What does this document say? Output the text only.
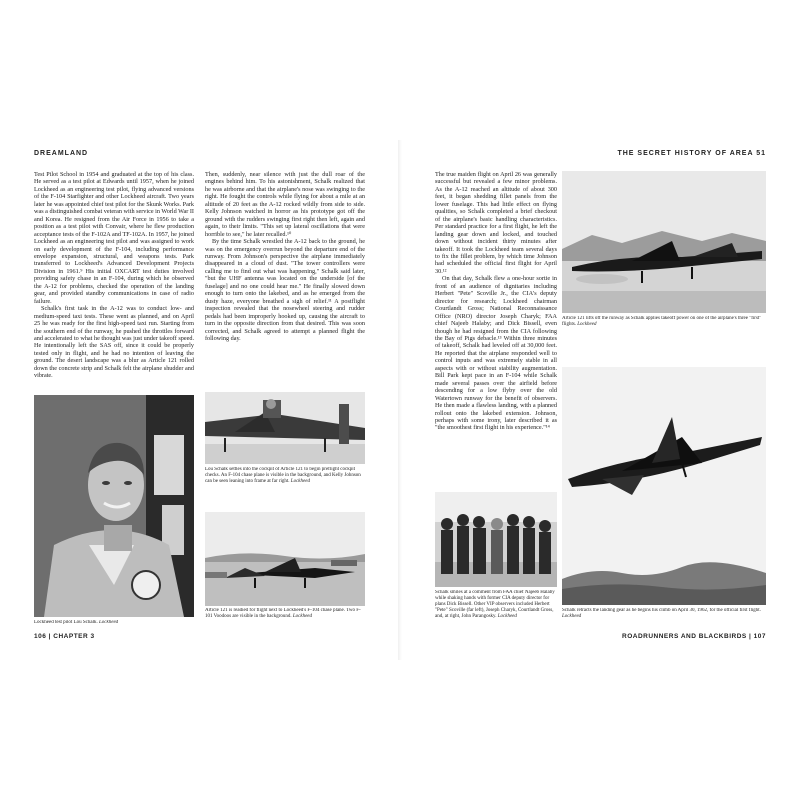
DREAMLAND	THE SECRET HISTORY OF AREA 51

Test Pilot School in 1954 and graduated at the top of his class. He served as a test pilot at Edwards until 1957, when he joined Lockheed as an engineering test pilot, flying advanced versions of the F-104 Starfighter and other Lockheed aircraft. Two years later he was appointed chief test pilot for the Skunk Works. Park was a distinguished combat veteran with service in World War II and Korea. He resigned from the Air Force in 1956 to take a position as a test pilot with Convair, where he flew production acceptance tests of the F-102A and TF-102A. In 1957, he joined Lockheed as an engineering test pilot and was assigned to work on early development of the F-104, including performance envelope expansion, structural, and weapons tests. Park transferred to Lockheed's Advanced Development Projects Division in 1961.⁹ His initial OXCART test duties involved providing safety chase in an F-104, during which he observed the A-12 for problems, checked the operation of the landing gear, and provided standby communications in case of radio failure.

Schalk's first task in the A-12 was to conduct low- and medium-speed taxi tests. These went as planned, and on April 25 he was ready for the first high-speed taxi run. Starting from the southern end of the runway, he pushed the throttles forward and accelerated to what he thought was just under takeoff speed. He intentionally left the SAS off, since it could be properly tested only in flight, and he had no intention of leaving the ground. The desert landscape was a blur as Article 121 rolled down the concrete strip and Schalk felt the airplane shudder and vibrate.

Lockheed test pilot Lou Schalk. Lockheed

Then, suddenly, near silence with just the dull roar of the engines behind him. To his astonishment, Schalk realized that he was airborne and that the airplane's nose was swinging to the right. He fought the controls while flying for about a mile at an altitude of 20 feet as the A-12 rocked wildly from side to side. Kelly Johnson watched in horror as his prototype got off the ground with the rudders swinging first right then left, again and again, to their limits. "This set up lateral oscillations that were horrible to see," he later recalled.¹⁰

By the time Schalk wrestled the A-12 back to the ground, he was on the emergency overrun beyond the departure end of the runway. From Johnson's perspective the airplane immediately disappeared in a cloud of dust. "The tower controllers were calling me to find out what was happening," Schalk said later, "but the UHF antenna was located on the underside [of the fuselage] and no one could hear me." He finally slowed down enough to turn onto the lakebed, and as he emerged from the dusty haze, everyone breathed a sigh of relief.¹¹ A postflight inspection revealed that the nosewheel steering and rudder pedals had been improperly hooked up, causing the aircraft to turn in the opposite direction from that desired. This was soon corrected, and Schalk agreed to attempt a planned flight the following day.

Lou Schalk settles into the cockpit of Article 121 to begin preflight cockpit checks. An F-104 chase plane is visible in the background, and Kelly Johnson can be seen leaning into frame at far right. Lockheed
Article 121 is readied for flight next to Lockheed's F-104 chase plane. Two F-101 Voodoos are visible in the background. Lockheed
106 | CHAPTER 3

The true maiden flight on April 26 was generally successful but revealed a few minor problems. As the A-12 reached an altitude of about 300 feet, it began shedding fillet panels from the lower fuselage. This had little effect on flying qualities, so Schalk completed a brief checkout of the airplane's basic handling characteristics. Per standard practice for a first flight, he left the landing gear down and locked, and touched down without incident thirty minutes after takeoff. It took the Lockheed team several days to fix the fillet problem, by which time Johnson had scheduled the official first flight for April 30.¹²

On that day, Schalk flew a one-hour sortie in front of an audience of dignitaries including Herbert "Pete" Scoville Jr., the CIA's deputy director for research; Lockheed chairman Courtlandt Gross; National Reconnaissance Office (NRO) director Joseph Charyk; FAA chief Najeeb Halaby; and Dick Bissell, even though he had resigned from the CIA following the Bay of Pigs debacle.¹³ Within three minutes of takeoff, Schalk had leveled off at 30,000 feet. He reported that the airplane responded well to control inputs and was extremely stable in all aspects with or without stability augmentation. Bill Park kept pace in an F-104 while Schalk made several passes over the airfield before descending for a low flyby over the old Watertown runway for the benefit of observers. He then made a flawless landing, with a planned rollout onto the lakebed extension. Johnson, perhaps with some irony, later described it as "the smoothest first flight in his experience."¹⁴

Schalk smiles at a comment from FAA chief Najeeb Halaby while shaking hands with former CIA deputy director for plans Dick Bissell. Other VIP observers included Herbert "Pete" Scoville (far left), Joseph Charyk, Courtlandt Gross, and, at right, John Parangosky. Lockheed
Article 121 lifts off the runway as Schalk applies takeoff power on one of the airplane's three "first" flights. Lockheed
Schalk retracts the landing gear as he begins his climb on April 30, 1962, for the official first flight. Lockheed
ROADRUNNERS AND BLACKBIRDS | 107
